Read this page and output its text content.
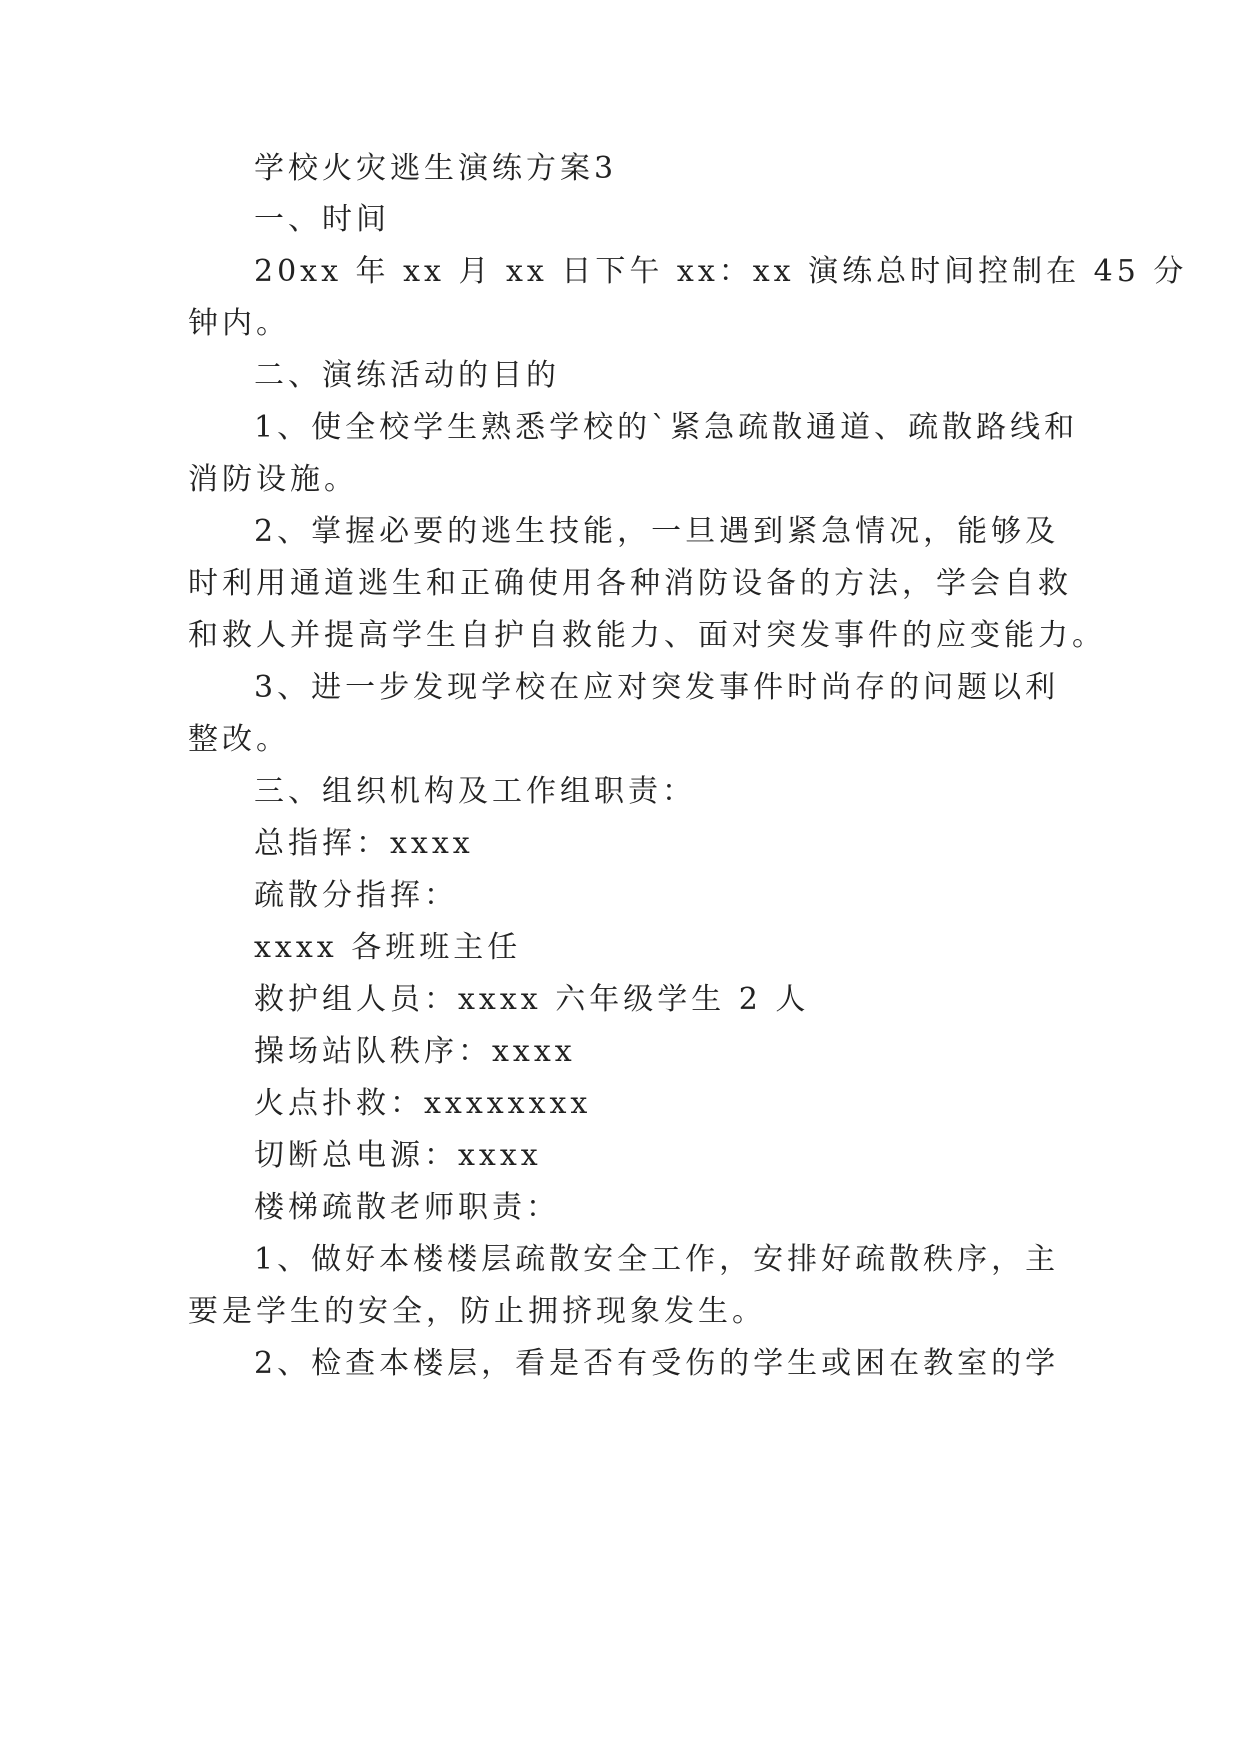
学校火灾逃生演练方案3
一、时间
20xx 年 xx 月 xx 日下午 xx：xx 演练总时间控制在 45 分
钟内。
二、演练活动的目的
1、使全校学生熟悉学校的`紧急疏散通道、疏散路线和
消防设施。
2、掌握必要的逃生技能，一旦遇到紧急情况，能够及
时利用通道逃生和正确使用各种消防设备的方法，学会自救
和救人并提高学生自护自救能力、面对突发事件的应变能力。
3、进一步发现学校在应对突发事件时尚存的问题以利
整改。
三、组织机构及工作组职责：
总指挥：xxxx
疏散分指挥：
xxxx 各班班主任
救护组人员：xxxx 六年级学生 2 人
操场站队秩序：xxxx
火点扑救：xxxxxxxx
切断总电源：xxxx
楼梯疏散老师职责：
1、做好本楼楼层疏散安全工作，安排好疏散秩序，主
要是学生的安全，防止拥挤现象发生。
2、检查本楼层，看是否有受伤的学生或困在教室的学
